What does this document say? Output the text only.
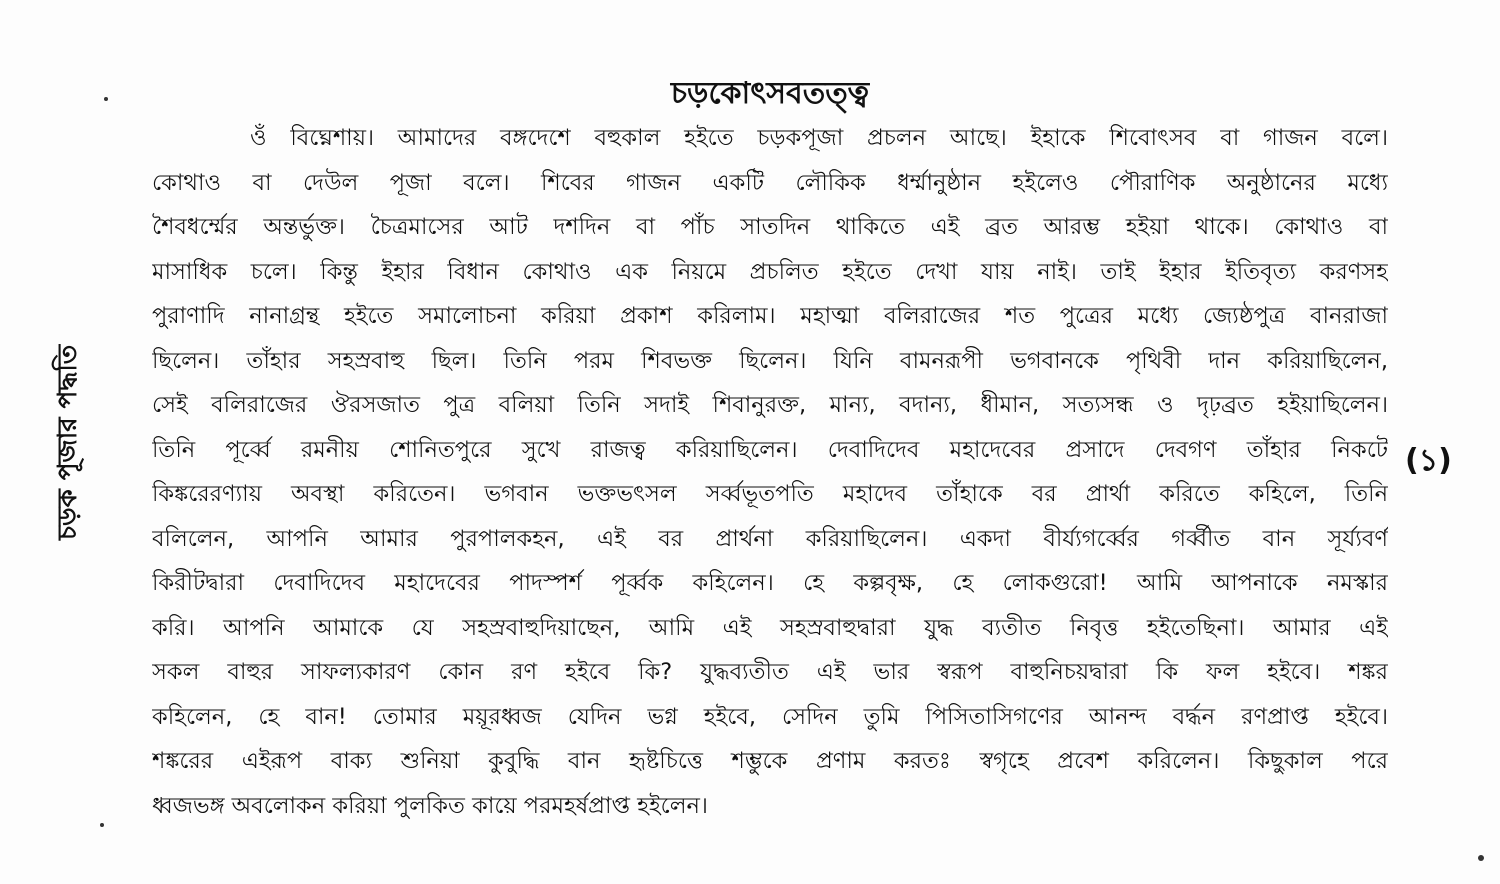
চড়ক পূজার পদ্ধতি	(১)
চড়কোৎসবতত্ত্ব
ওঁ বিঘ্নেশায়। আমাদের বঙ্গদেশে বহুকাল হইতে চড়কপূজা প্রচলন আছে। ইহাকে শিবোৎসব বা গাজন বলে।
কোথাও বা দেউল পূজা বলে। শিবের গাজন একটি লৌকিক ধর্ম্মানুষ্ঠান হইলেও পৌরাণিক অনুষ্ঠানের মধ্যে
শৈবধর্ম্মের অন্তর্ভুক্ত। চৈত্রমাসের আট দশদিন বা পাঁচ সাতদিন থাকিতে এই ব্রত আরম্ভ হইয়া থাকে। কোথাও বা
মাসাধিক চলে। কিন্তু ইহার বিধান কোথাও এক নিয়মে প্রচলিত হইতে দেখা যায় নাই। তাই ইহার ইতিবৃত্য করণসহ
পুরাণাদি নানাগ্রন্থ হইতে সমালোচনা করিয়া প্রকাশ করিলাম। মহাত্মা বলিরাজের শত পুত্রের মধ্যে জ্যেষ্ঠপুত্র বানরাজা
ছিলেন। তাঁহার সহস্রবাহু ছিল। তিনি পরম শিবভক্ত ছিলেন। যিনি বামনরূপী ভগবানকে পৃথিবী দান করিয়াছিলেন,
সেই বলিরাজের ঔরসজাত পুত্র বলিয়া তিনি সদাই শিবানুরক্ত, মান্য, বদান্য, ধীমান, সত্যসন্ধ ও দৃঢ়ব্রত হইয়াছিলেন।
তিনি পূর্ব্বে রমনীয় শোনিতপুরে সুখে রাজত্ব করিয়াছিলেন। দেবাদিদেব মহাদেবের প্রসাদে দেবগণ তাঁহার নিকটে
কিঙ্করেরণ্যায় অবস্থা করিতেন। ভগবান ভক্তভৎসল সর্ব্বভূতপতি মহাদেব তাঁহাকে বর প্রার্থা করিতে কহিলে, তিনি
বলিলেন, আপনি আমার পুরপালকহন, এই বর প্রার্থনা করিয়াছিলেন। একদা বীর্য্যগর্ব্বের গর্ব্বীত বান সূর্য্যবর্ণ
কিরীটদ্বারা দেবাদিদেব মহাদেবের পাদস্পর্শ পূর্ব্বক কহিলেন। হে কল্পবৃক্ষ, হে লোকগুরো! আমি আপনাকে নমস্কার
করি। আপনি আমাকে যে সহস্রবাহুদিয়াছেন, আমি এই সহস্রবাহুদ্বারা যুদ্ধ ব্যতীত নিবৃত্ত হইতেছিনা। আমার এই
সকল বাহুর সাফল্যকারণ কোন রণ হইবে কি? যুদ্ধব্যতীত এই ভার স্বরূপ বাহুনিচয়দ্বারা কি ফল হইবে। শঙ্কর
কহিলেন, হে বান! তোমার ময়ূরধ্বজ যেদিন ভগ্ন হইবে, সেদিন তুমি পিসিতাসিগণের আনন্দ বর্দ্ধন রণপ্রাপ্ত হইবে।
শঙ্করের এইরূপ বাক্য শুনিয়া কুবুদ্ধি বান হৃষ্টচিত্তে শম্ভুকে প্রণাম করতঃ স্বগৃহে প্রবেশ করিলেন। কিছুকাল পরে
ধ্বজভঙ্গ অবলোকন করিয়া পুলকিত কায়ে পরমহর্ষপ্রাপ্ত হইলেন।
